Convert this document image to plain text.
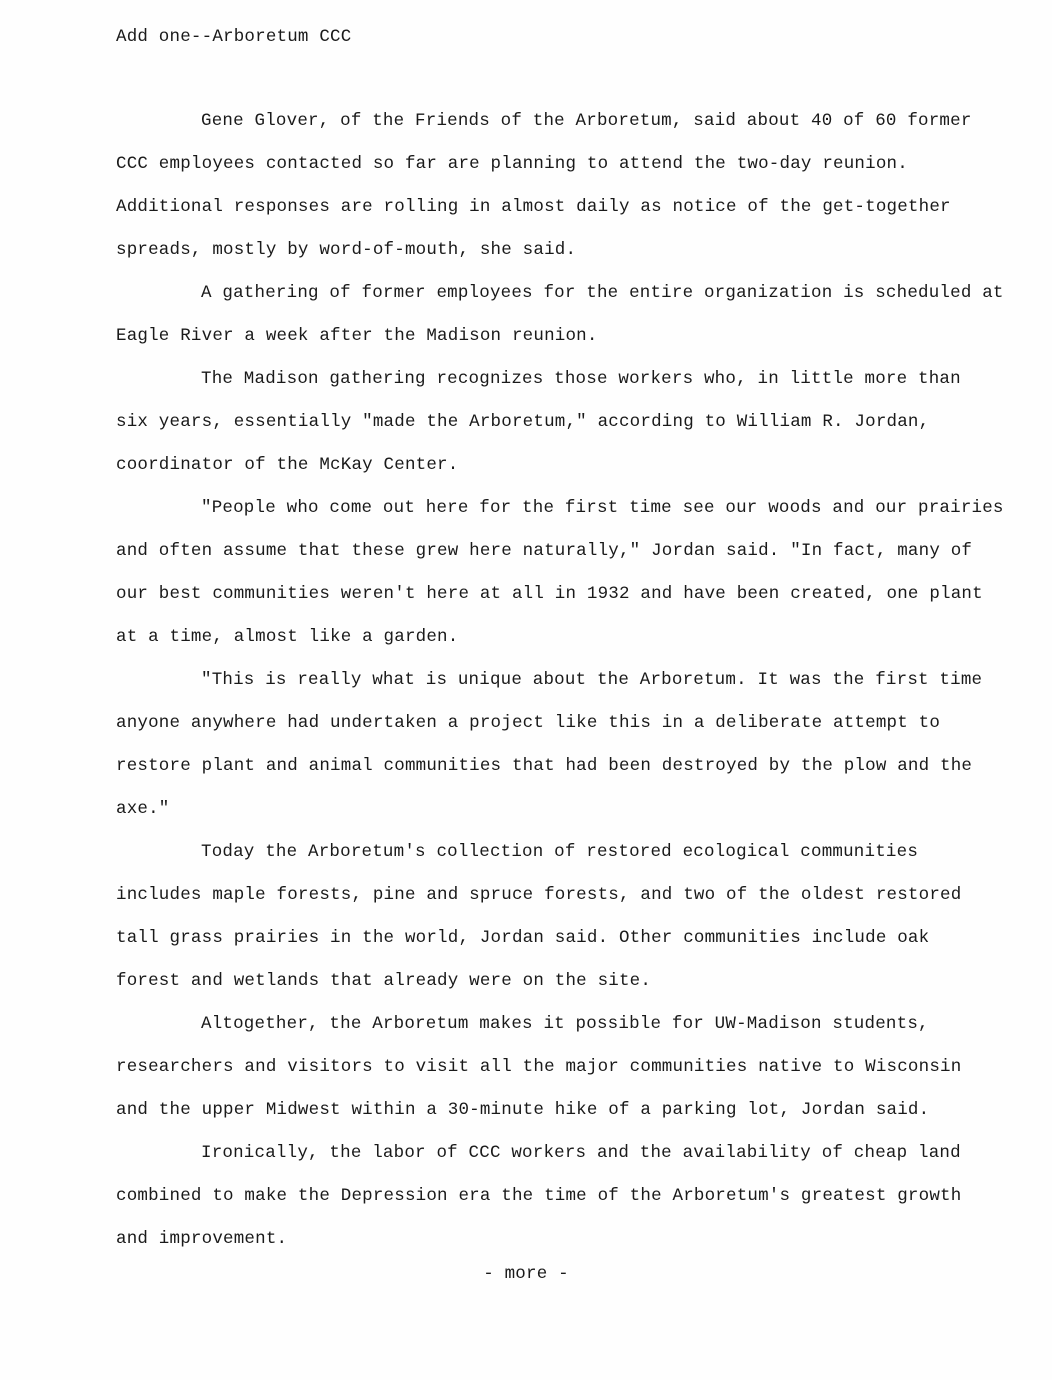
Add one--Arboretum CCC
Gene Glover, of the Friends of the Arboretum, said about 40 of 60 former
CCC employees contacted so far are planning to attend the two-day reunion.
Additional responses are rolling in almost daily as notice of the get-together
spreads, mostly by word-of-mouth, she said.
A gathering of former employees for the entire organization is scheduled at
Eagle River a week after the Madison reunion.
The Madison gathering recognizes those workers who, in little more than
six years, essentially "made the Arboretum," according to William R. Jordan,
coordinator of the McKay Center.
"People who come out here for the first time see our woods and our prairies
and often assume that these grew here naturally," Jordan said. "In fact, many of
our best communities weren't here at all in 1932 and have been created, one plant
at a time, almost like a garden.
"This is really what is unique about the Arboretum. It was the first time
anyone anywhere had undertaken a project like this in a deliberate attempt to
restore plant and animal communities that had been destroyed by the plow and the
axe."
Today the Arboretum's collection of restored ecological communities
includes maple forests, pine and spruce forests, and two of the oldest restored
tall grass prairies in the world, Jordan said. Other communities include oak
forest and wetlands that already were on the site.
Altogether, the Arboretum makes it possible for UW-Madison students,
researchers and visitors to visit all the major communities native to Wisconsin
and the upper Midwest within a 30-minute hike of a parking lot, Jordan said.
Ironically, the labor of CCC workers and the availability of cheap land
combined to make the Depression era the time of the Arboretum's greatest growth
and improvement.
- more -
